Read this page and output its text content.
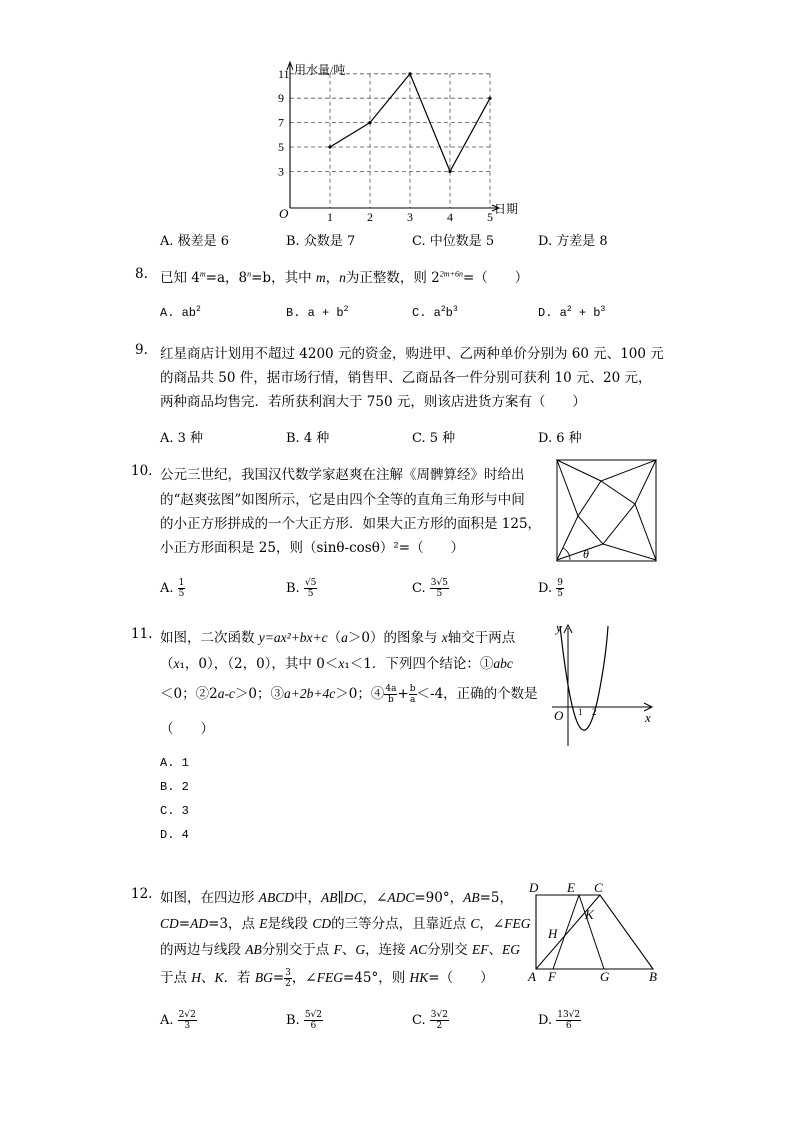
3
5
7
9
11
1	2	3	4	5
用水量/吨
日期
O
A. 极差是 6	B. 众数是 7	C. 中位数是 5	D. 方差是 8
8. 已知 $4^m=a$，$8^n=b$，其中 m，n为正整数，则 $2^{2m+6n}=$（　　）
A. $ab^2$	B. $a + b^2$	C. $a^2b^3$	D. $a^2 + b^3$
9. 红星商店计划用不超过 4200 元的资金，购进甲、乙两种单价分别为 60 元、100 元
的商品共 50 件，据市场行情，销售甲、乙商品各一件分别可获利 10 元、20 元，
两种商品均售完．若所获利润大于 750 元，则该店进货方案有（　　）
A. 3 种	B. 4 种	C. 5 种	D. 6 种
10. 公元三世纪，我国汉代数学家赵爽在注解《周髀算经》时给出
的“赵爽弦图”如图所示，它是由四个全等的直角三角形与中间
的小正方形拼成的一个大正方形．如果大正方形的面积是 125，
小正方形面积是 25，则（sinθ-cosθ）²=（　　）	θ
A. $\frac{1}{5}$	B. $\frac{√5}{5}$	C. $\frac{3√5}{5}$	D. $\frac{9}{5}$
11. 如图，二次函数 y=ax²+bx+c（a＞0）的图象与 x轴交于两点
（x₁，0），（2，0），其中 0＜x₁＜1．下列四个结论：①abc
＜0；②2a-c＞0；③a+2b+4c＞0；④ $\frac{4a}{b} + \frac{b}{a} <-4$，正确的个数是
（　　）
y
x
O 1 2
A. 1
B. 2
C. 3
D. 4
12. 如图，在四边形 ABCD中，AB∥DC，∠ADC=90°，AB=5，
CD=AD=3，点 E是线段 CD的三等分点，且靠近点 C，∠FEG
的两边与线段 AB分别交于点 F、G，连接 AC分别交 EF、EG
于点 H、K．若 $BG= \frac{3}{2}$ ，∠FEG=45°，则 HK=（　　）
D E C
K
H
A F	G	B
A. $\frac{2√2}{3}$	B. $\frac{5√2}{6}$	C. $\frac{3√2}{2}$	D. $\frac{13√2}{6}$
